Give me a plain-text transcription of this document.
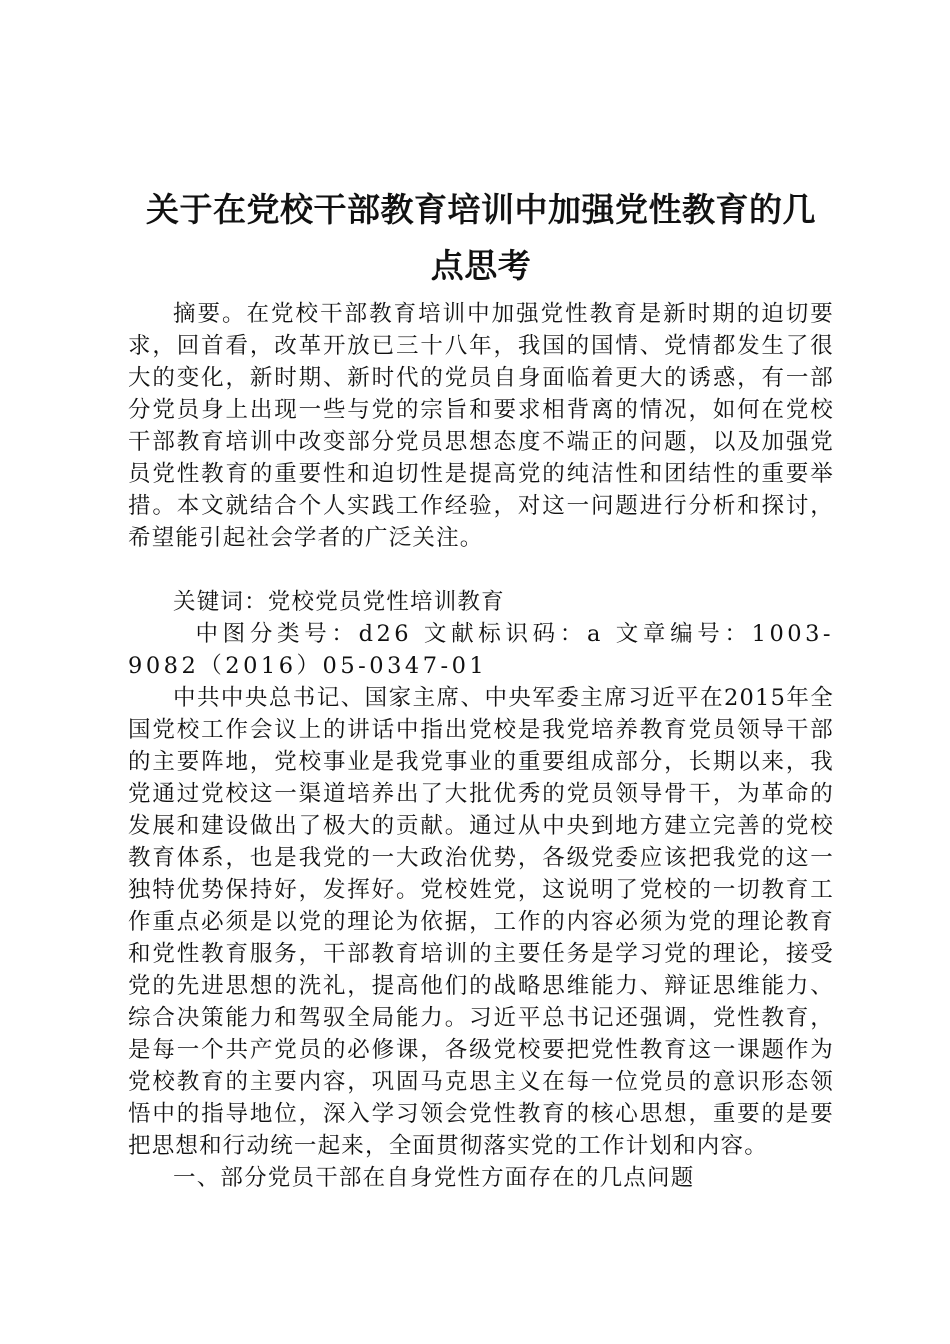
关于在党校干部教育培训中加强党性教育的几
点思考

摘要。在党校干部教育培训中加强党性教育是新时期的迫切要求，回首看，改革开放已三十八年，我国的国情、党情都发生了很大的变化，新时期、新时代的党员自身面临着更大的诱惑，有一部分党员身上出现一些与党的宗旨和要求相背离的情况，如何在党校干部教育培训中改变部分党员思想态度不端正的问题，以及加强党员党性教育的重要性和迫切性是提高党的纯洁性和团结性的重要举措。本文就结合个人实践工作经验，对这一问题进行分析和探讨，希望能引起社会学者的广泛关注。

关键词：党校党员党性培训教育

中图分类号：d26 文献标识码：a 文章编号：1003-9082（2016）05-0347-01

中共中央总书记、国家主席、中央军委主席习近平在2015年全国党校工作会议上的讲话中指出党校是我党培养教育党员领导干部的主要阵地，党校事业是我党事业的重要组成部分，长期以来，我党通过党校这一渠道培养出了大批优秀的党员领导骨干，为革命的发展和建设做出了极大的贡献。通过从中央到地方建立完善的党校教育体系，也是我党的一大政治优势，各级党委应该把我党的这一独特优势保持好，发挥好。党校姓党，这说明了党校的一切教育工作重点必须是以党的理论为依据，工作的内容必须为党的理论教育和党性教育服务，干部教育培训的主要任务是学习党的理论，接受党的先进思想的洗礼，提高他们的战略思维能力、辩证思维能力、综合决策能力和驾驭全局能力。习近平总书记还强调，党性教育，是每一个共产党员的必修课，各级党校要把党性教育这一课题作为党校教育的主要内容，巩固马克思主义在每一位党员的意识形态领悟中的指导地位，深入学习领会党性教育的核心思想，重要的是要把思想和行动统一起来，全面贯彻落实党的工作计划和内容。

一、部分党员干部在自身党性方面存在的几点问题
